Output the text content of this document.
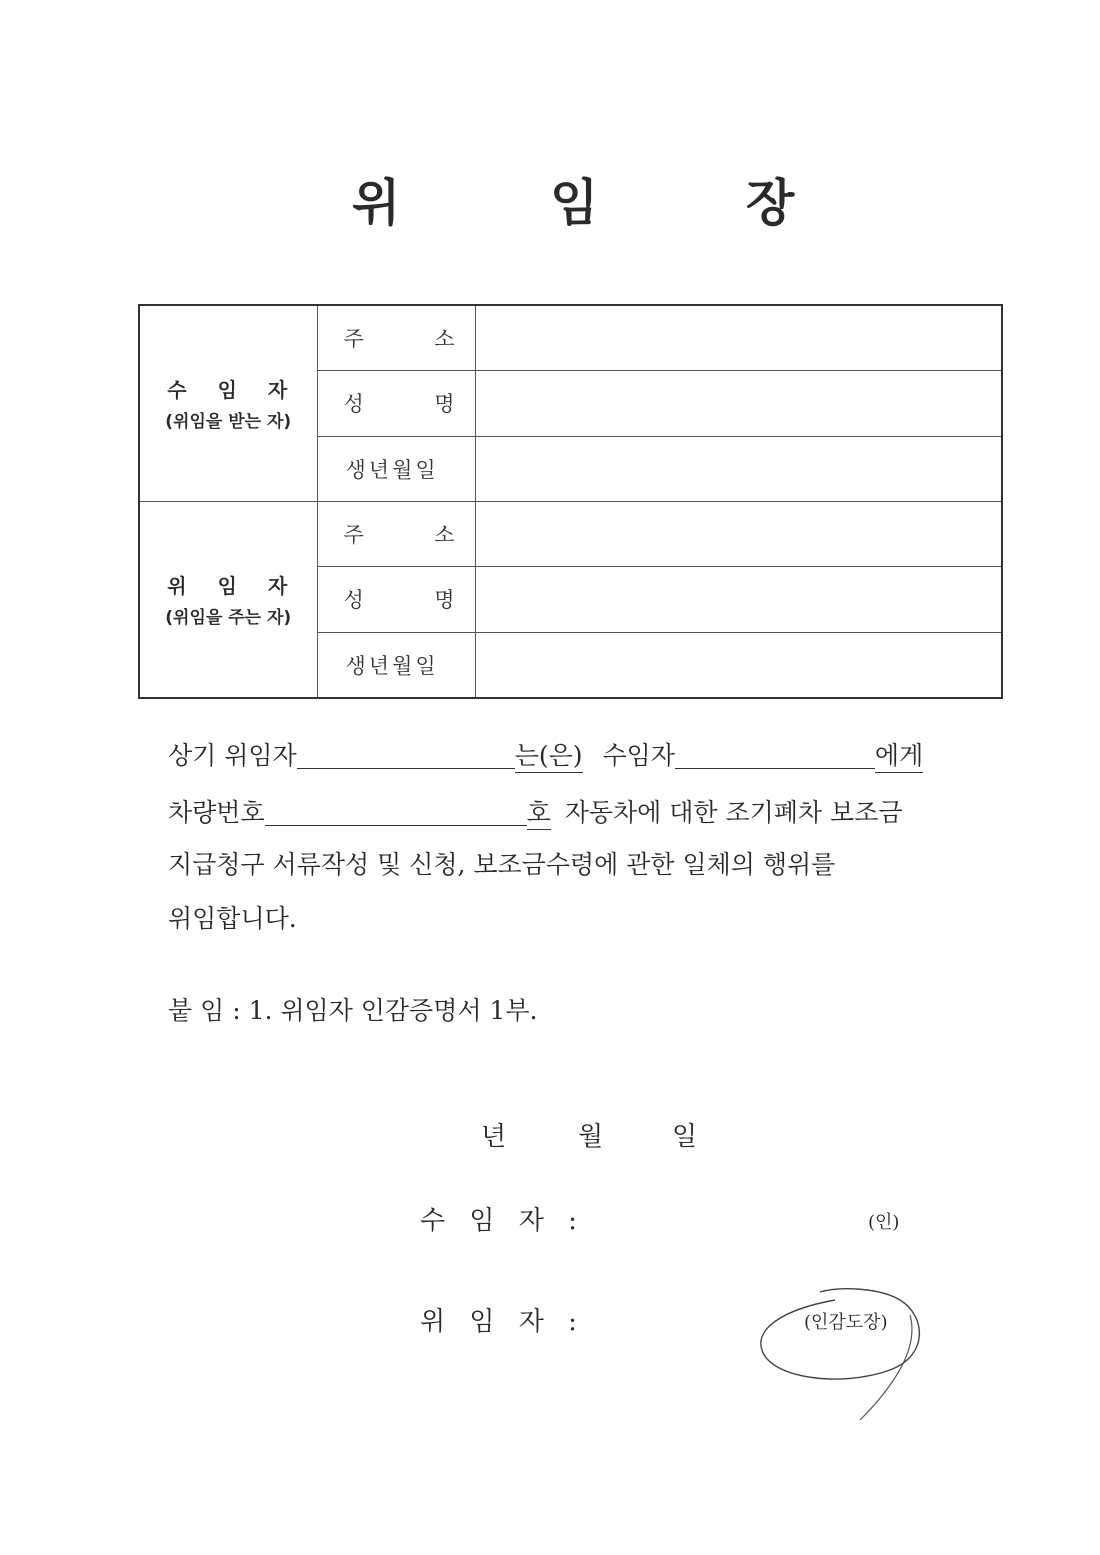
위	임	장
수 임 자
(위임을 받는 자)	주 소	

	성 명	

	생년월일	

위 임 자
(위임을 주는 자)	주 소	

	성 명	

	생년월일	

상기 위임자	는(은) 수임자	에게
차량번호	호 자동차에 대한 조기폐차 보조금
지급청구 서류작성 및 신청, 보조금수령에 관한 일체의 행위를
위임합니다.
붙 임 : 1. 위임자 인감증명서 1부.
년	월	일
수 임 자 :	(인)
위 임 자 :	(인감도장)
